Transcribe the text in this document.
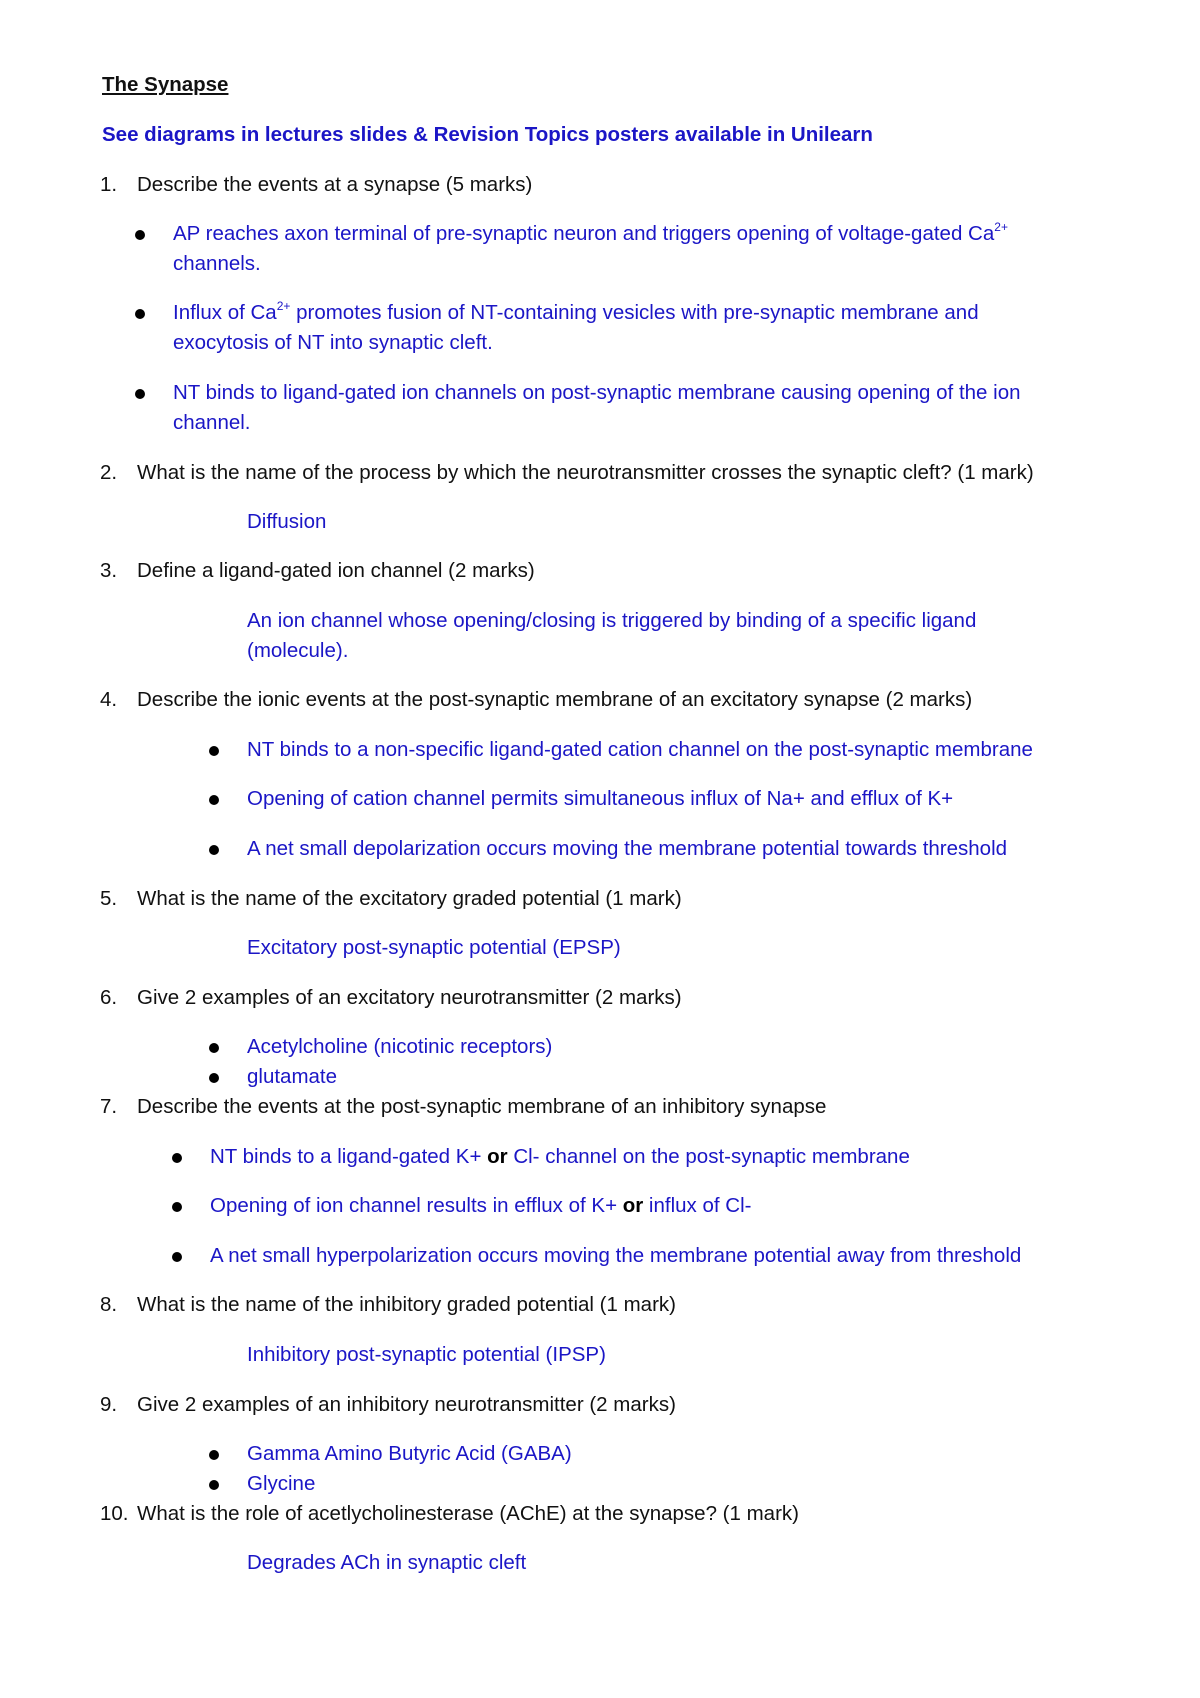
The Synapse
See diagrams in lectures slides & Revision Topics posters available in Unilearn
1. Describe the events at a synapse (5 marks)
AP reaches axon terminal of pre-synaptic neuron and triggers opening of voltage-gated $Ca^{2+}$
channels.
Influx of $Ca^{2+}$ promotes fusion of NT-containing vesicles with pre-synaptic membrane and
exocytosis of NT into synaptic cleft.
NT binds to ligand-gated ion channels on post-synaptic membrane causing opening of the ion
channel.
2. What is the name of the process by which the neurotransmitter crosses the synaptic cleft? (1 mark)
Diffusion
3. Define a ligand-gated ion channel (2 marks)
An ion channel whose opening/closing is triggered by binding of a specific ligand
(molecule).
4. Describe the ionic events at the post-synaptic membrane of an excitatory synapse (2 marks)
NT binds to a non-specific ligand-gated cation channel on the post-synaptic membrane
Opening of cation channel permits simultaneous influx of Na+ and efflux of K+
A net small depolarization occurs moving the membrane potential towards threshold
5. What is the name of the excitatory graded potential (1 mark)
Excitatory post-synaptic potential (EPSP)
6. Give 2 examples of an excitatory neurotransmitter (2 marks)
Acetylcholine (nicotinic receptors)
glutamate
7. Describe the events at the post-synaptic membrane of an inhibitory synapse
NT binds to a ligand-gated K+ or Cl- channel on the post-synaptic membrane
Opening of ion channel results in efflux of K+ or influx of Cl-
A net small hyperpolarization occurs moving the membrane potential away from threshold
8. What is the name of the inhibitory graded potential (1 mark)
Inhibitory post-synaptic potential (IPSP)
9. Give 2 examples of an inhibitory neurotransmitter (2 marks)
Gamma Amino Butyric Acid (GABA)
Glycine
10. What is the role of acetlycholinesterase (AChE) at the synapse? (1 mark)
Degrades ACh in synaptic cleft
